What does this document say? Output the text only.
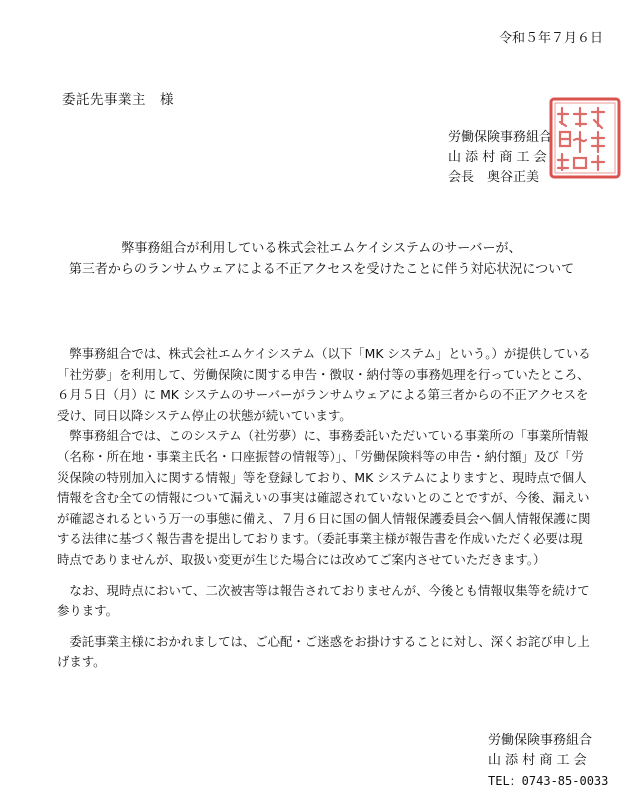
令和５年７月６日
委託先事業主　様
労働保険事務組合
山 添 村 商 工 会
会長　奥谷正美
弊事務組合が利用している株式会社エムケイシステムのサーバーが、
第三者からのランサムウェアによる不正アクセスを受けたことに伴う対応状況について
　弊事務組合では、株式会社エムケイシステム（以下「MK システム」という。）が提供している
「社労夢」を利用して、労働保険に関する申告・徴収・納付等の事務処理を行っていたところ、
６月５日（月）に MK システムのサーバーがランサムウェアによる第三者からの不正アクセスを
受け、同日以降システム停止の状態が続いています。
　弊事務組合では、このシステム（社労夢）に、事務委託いただいている事業所の「事業所情報
（名称・所在地・事業主氏名・口座振替の情報等）」、「労働保険料等の申告・納付額」及び「労
災保険の特別加入に関する情報」等を登録しており、MK システムによりますと、現時点で個人
情報を含む全ての情報について漏えいの事実は確認されていないとのことですが、今後、漏えい
が確認されるという万一の事態に備え、７月６日に国の個人情報保護委員会へ個人情報保護に関
する法律に基づく報告書を提出しております。（委託事業主様が報告書を作成いただく必要は現
時点でありませんが、取扱い変更が生じた場合には改めてご案内させていただきます。）
　なお、現時点において、二次被害等は報告されておりませんが、今後とも情報収集等を続けて
参ります。
　委託事業主様におかれましては、ご心配・ご迷惑をお掛けすることに対し、深くお詫び申し上
げます。
労働保険事務組合
山 添 村 商 工 会
TEL：0743-85-0033
